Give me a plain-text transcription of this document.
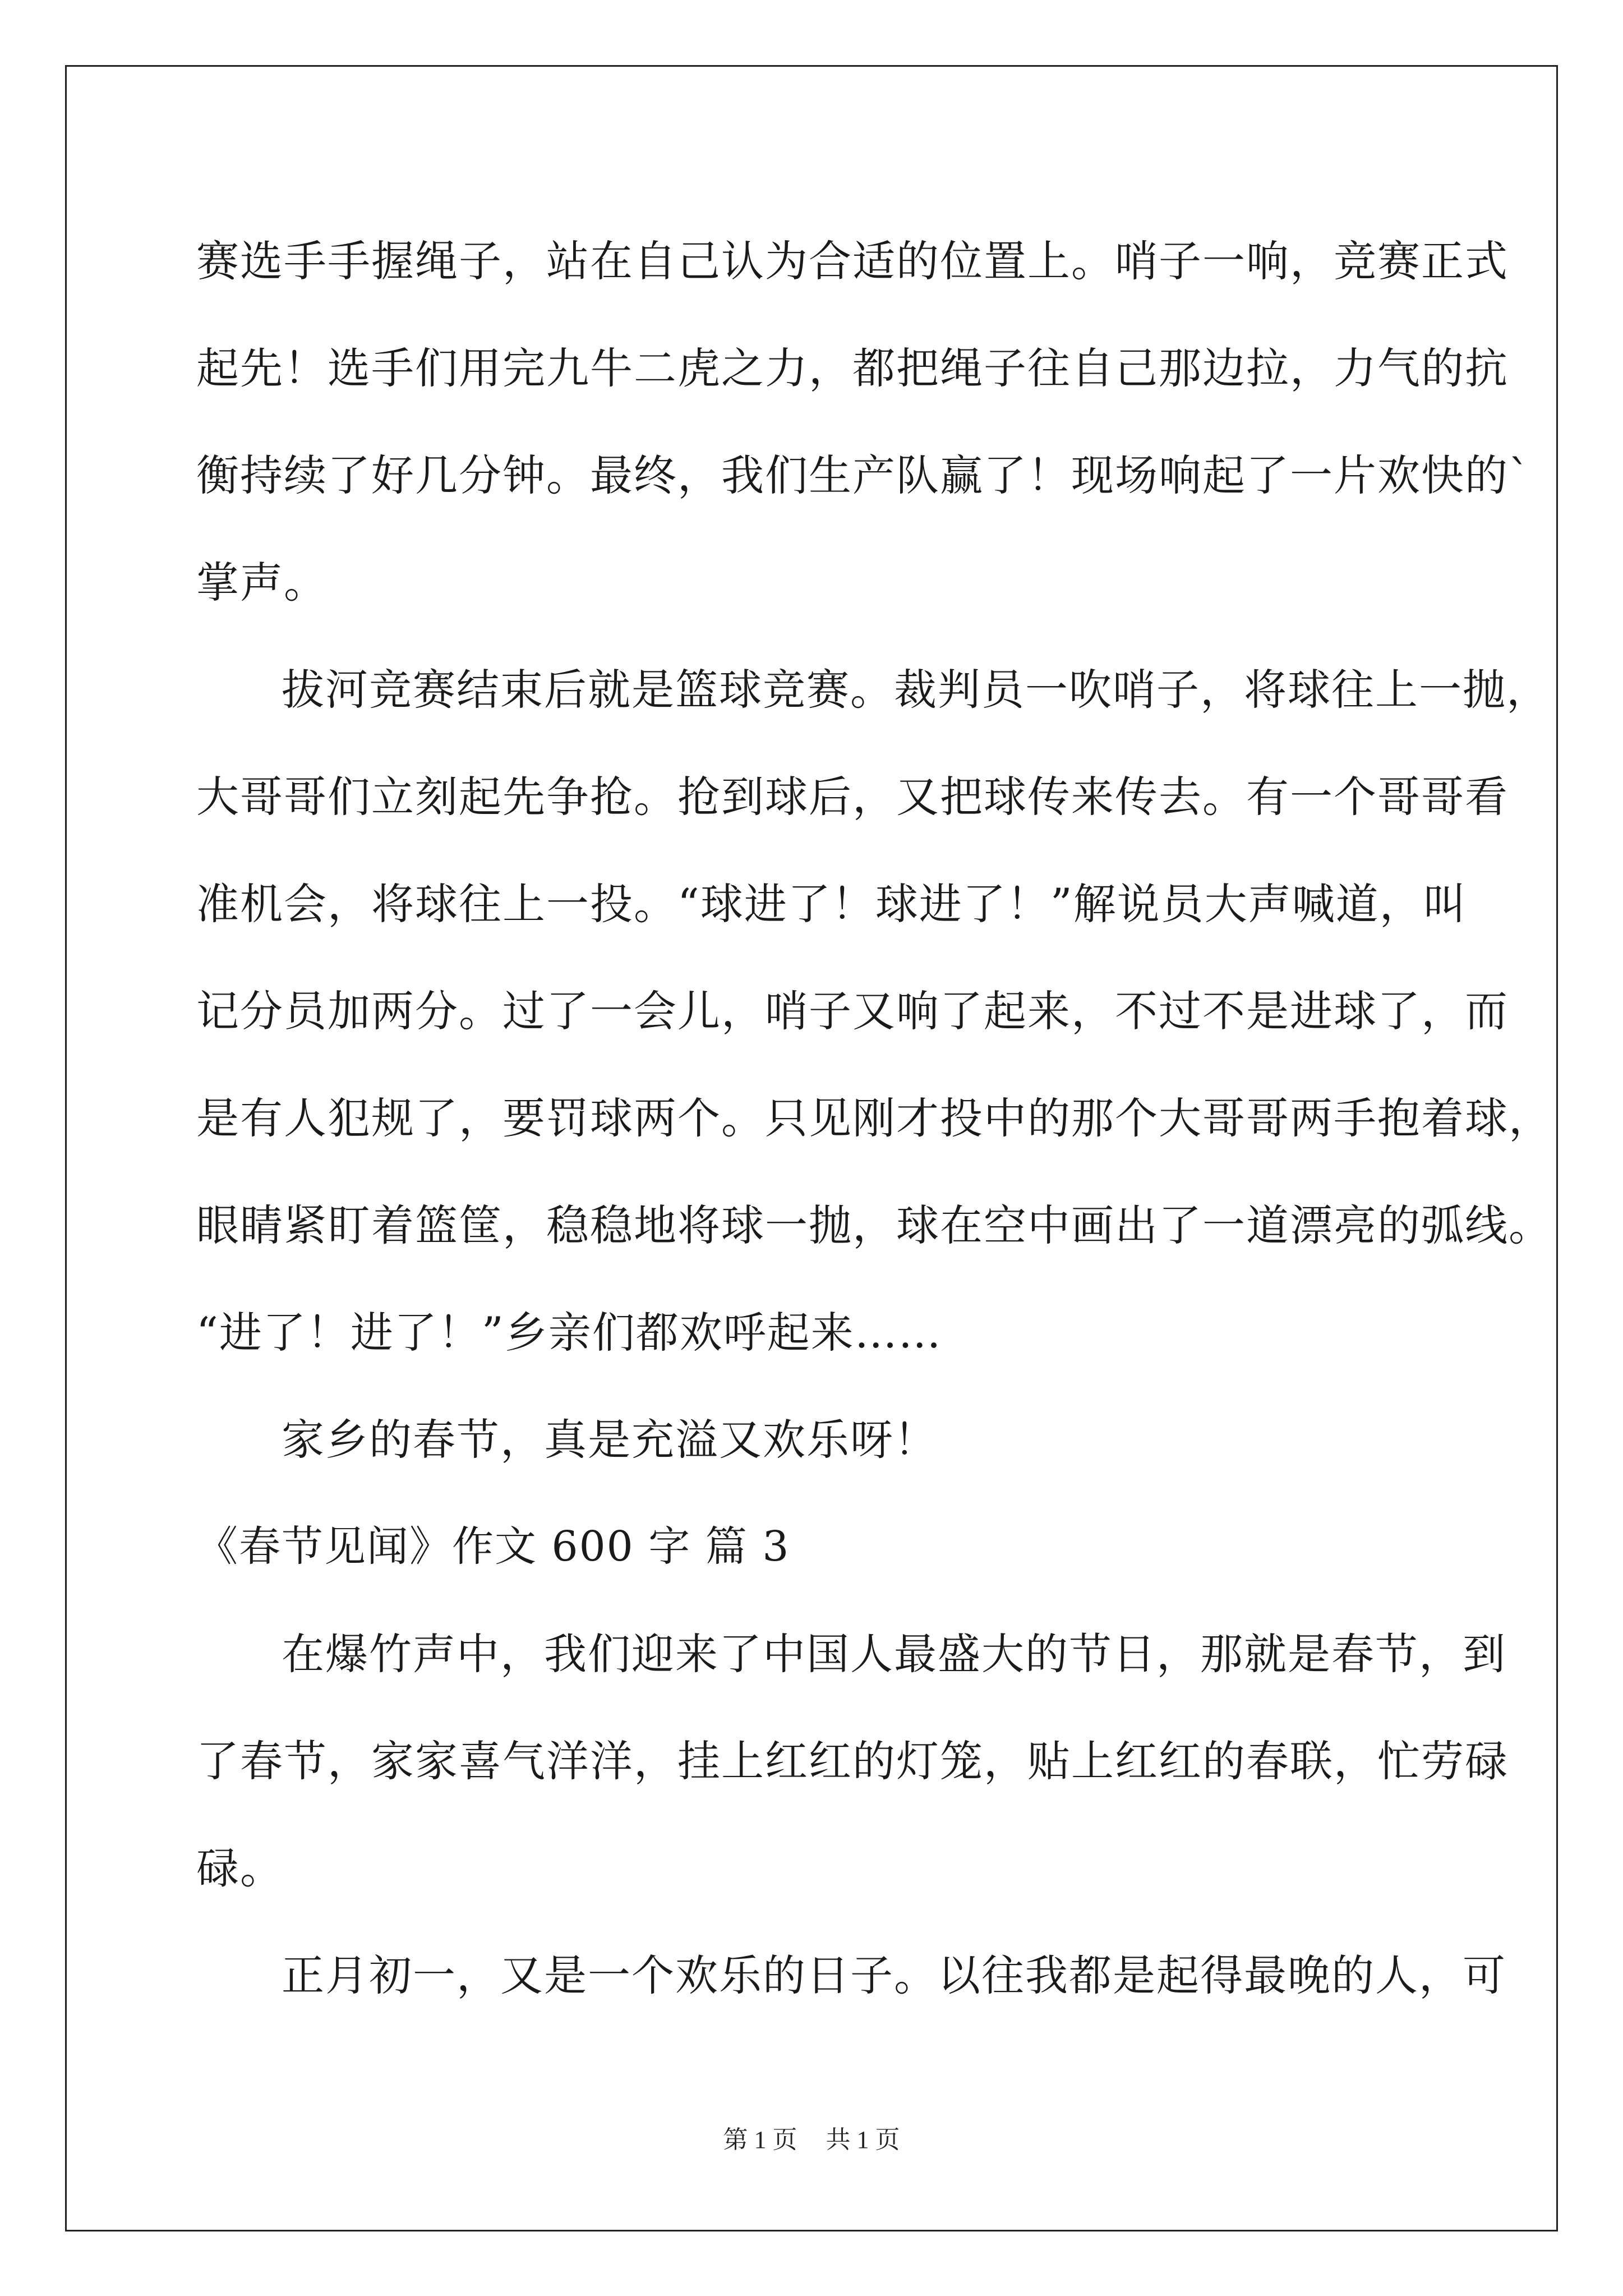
赛选手手握绳子，站在自己认为合适的位置上。哨子一响，竞赛正式
起先！选手们用完九牛二虎之力，都把绳子往自己那边拉，力气的抗
衡持续了好几分钟。最终，我们生产队赢了！现场响起了一片欢快的`
掌声。
拔河竞赛结束后就是篮球竞赛。裁判员一吹哨子，将球往上一抛，
大哥哥们立刻起先争抢。抢到球后，又把球传来传去。有一个哥哥看
准机会，将球往上一投。“球进了！球进了！”解说员大声喊道，叫
记分员加两分。过了一会儿，哨子又响了起来，不过不是进球了，而
是有人犯规了，要罚球两个。只见刚才投中的那个大哥哥两手抱着球，
眼睛紧盯着篮筐，稳稳地将球一抛，球在空中画出了一道漂亮的弧线。
“进了！进了！”乡亲们都欢呼起来……
家乡的春节，真是充溢又欢乐呀！
《春节见闻》作文 600 字 篇 3
在爆竹声中，我们迎来了中国人最盛大的节日，那就是春节，到
了春节，家家喜气洋洋，挂上红红的灯笼，贴上红红的春联，忙劳碌
碌。
正月初一，又是一个欢乐的日子。以往我都是起得最晚的人，可
第 1 页 共 1 页
